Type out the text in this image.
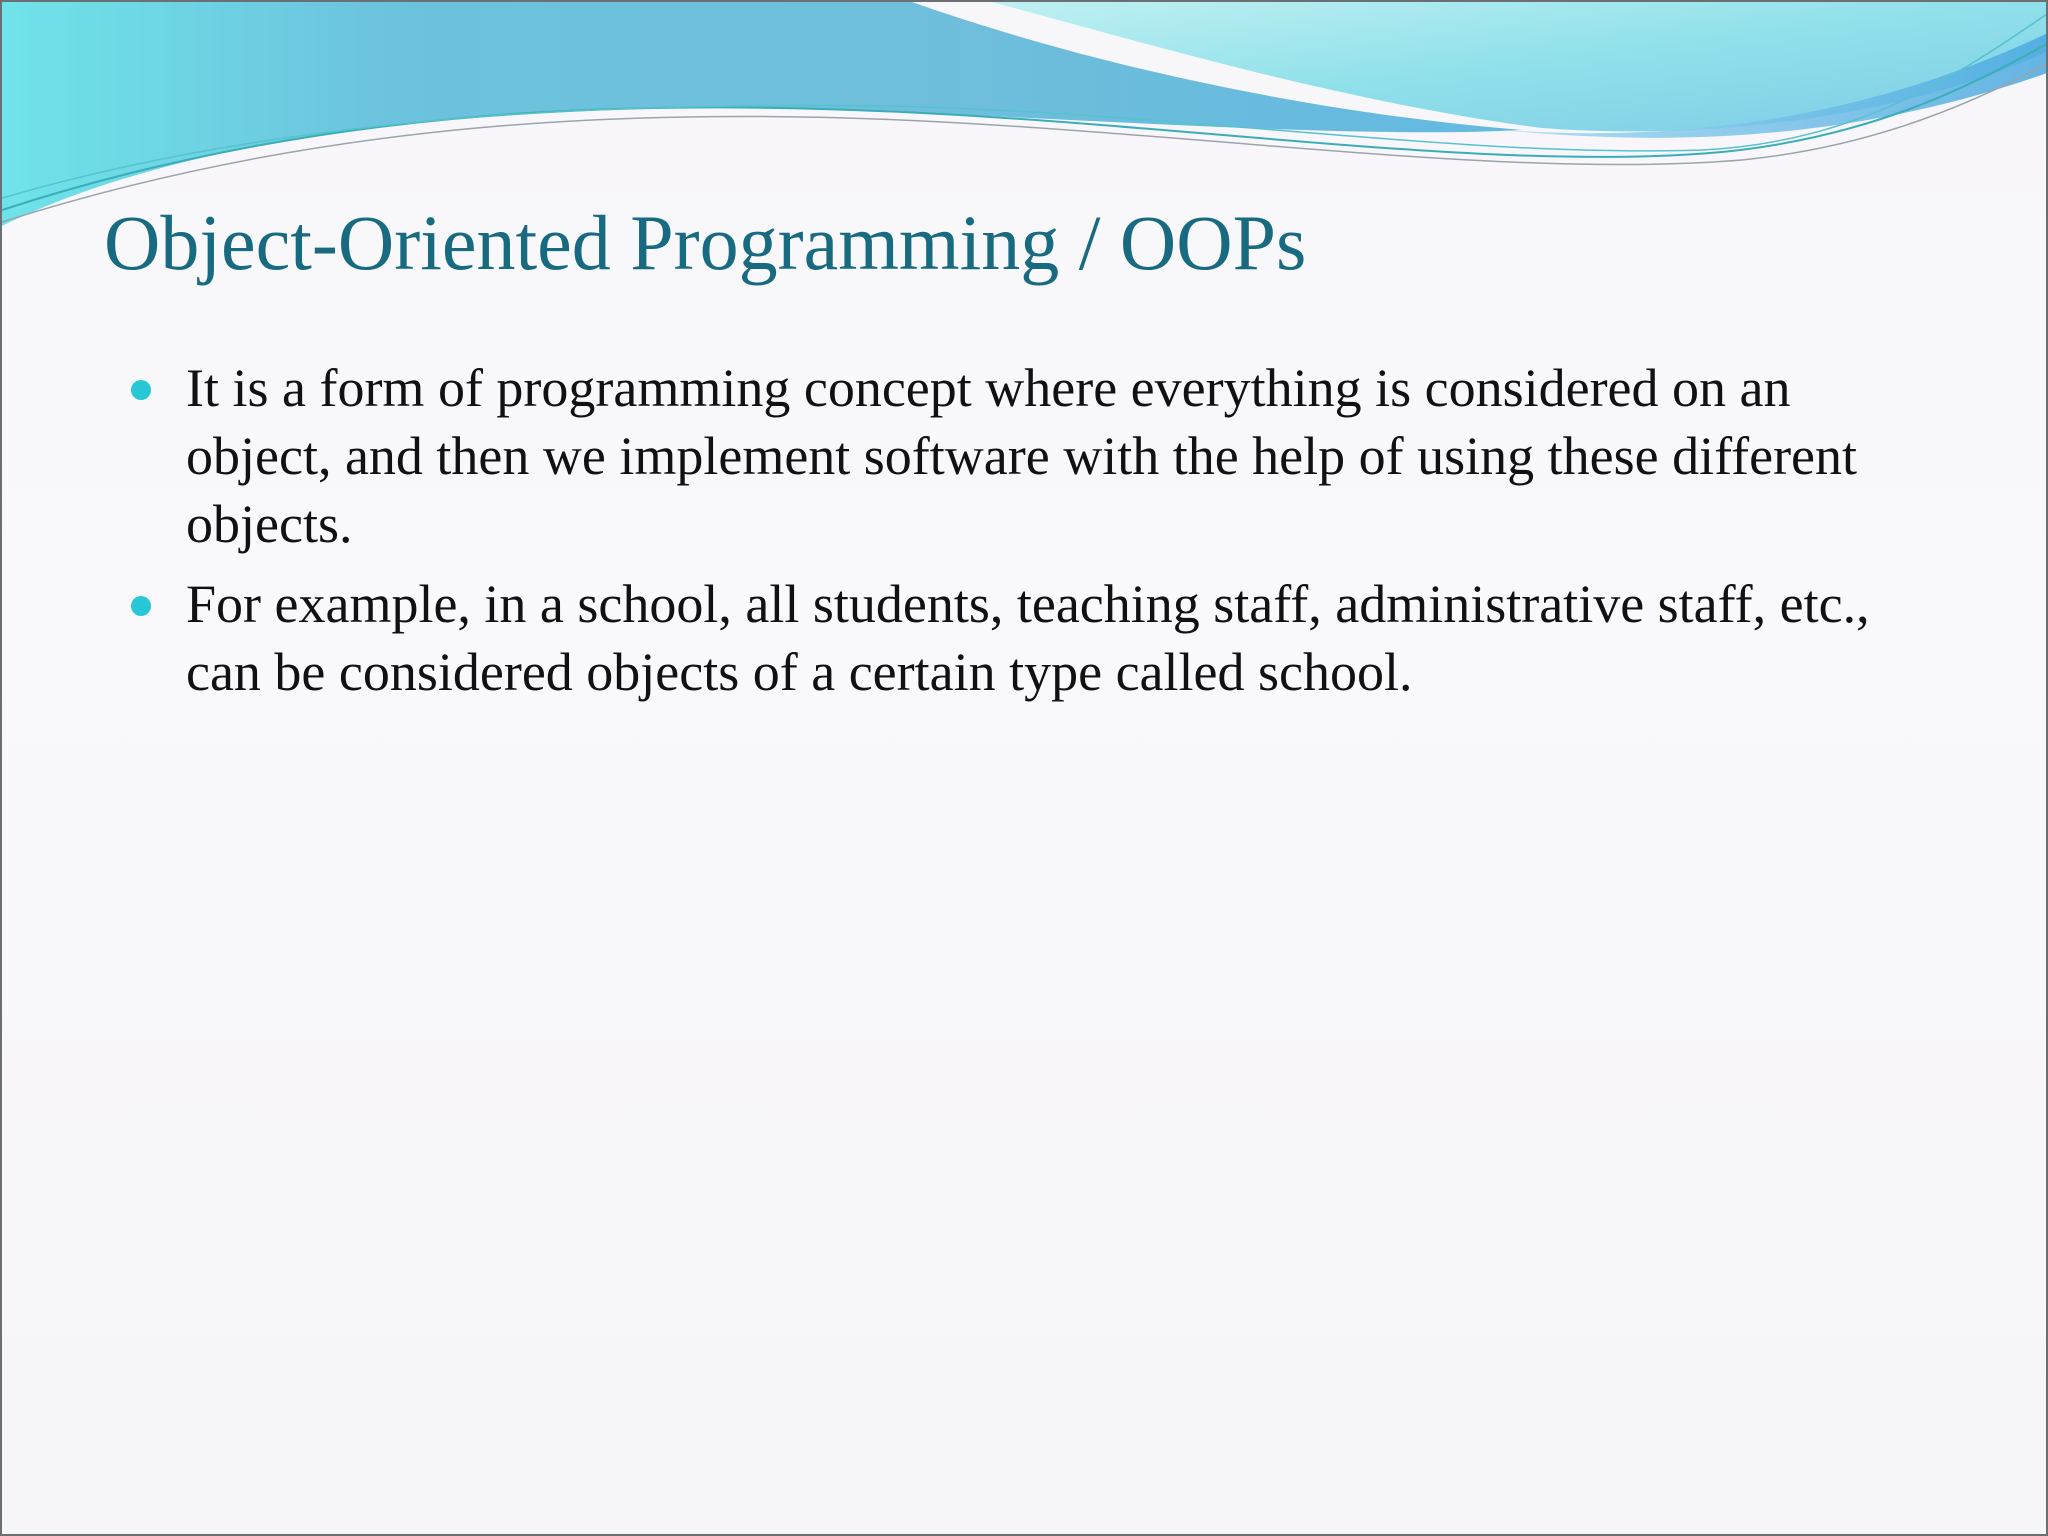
Object-Oriented Programming / OOPs
It is a form of programming concept where everything is considered on an object, and then we implement software with the help of using these different objects.
For example, in a school, all students, teaching staff, administrative staff, etc., can be considered objects of a certain type called school.
